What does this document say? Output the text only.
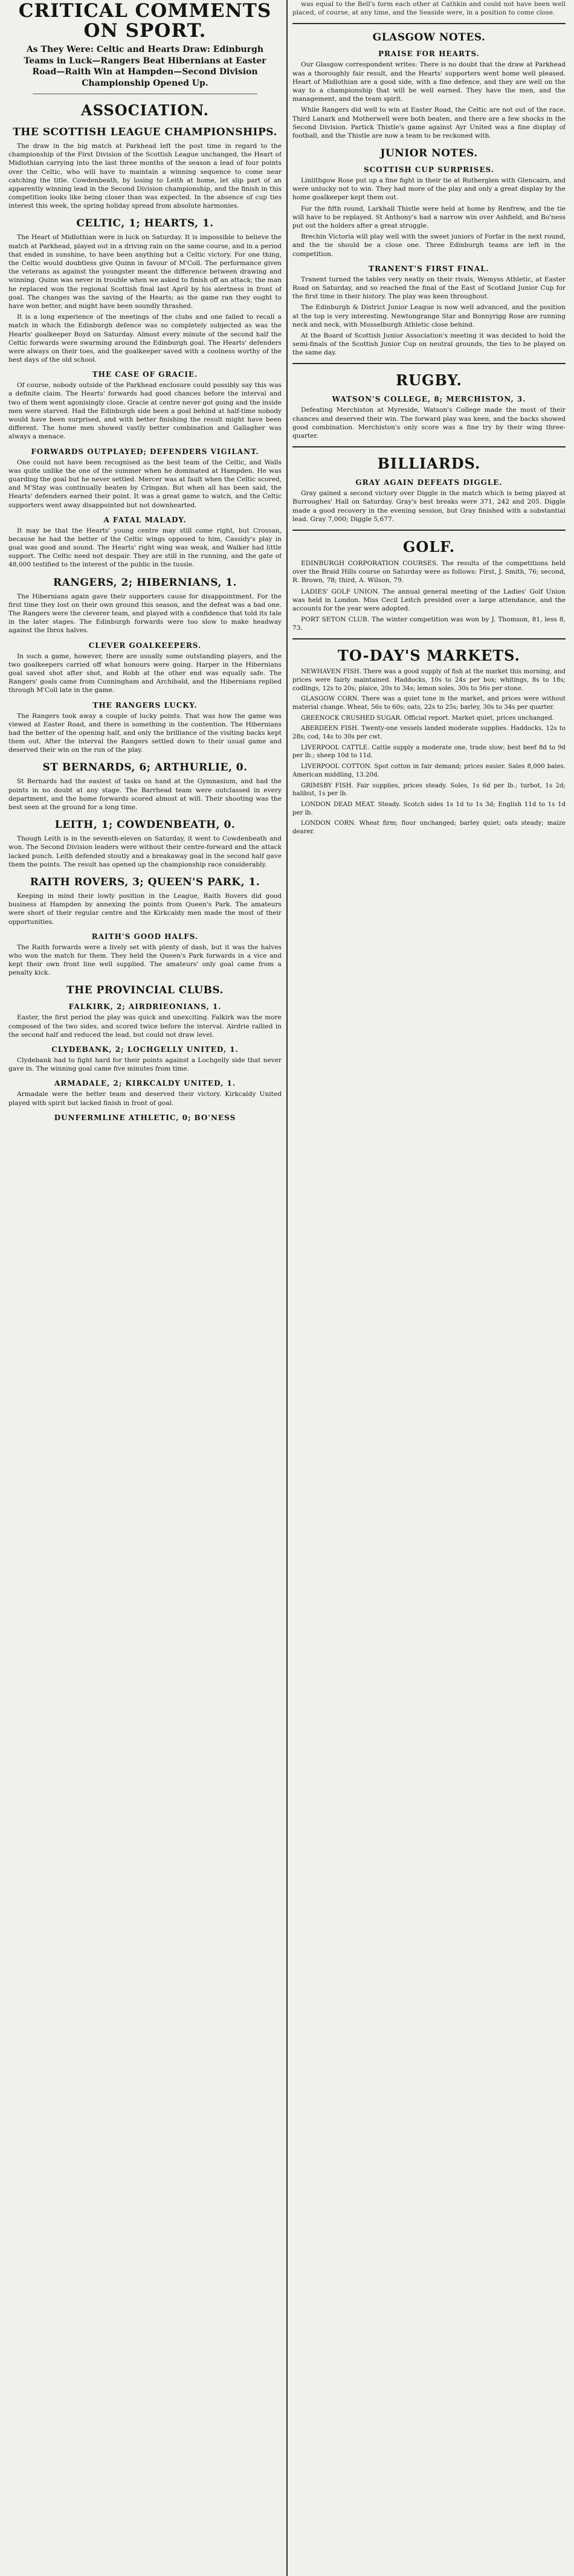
CRITICAL COMMENTS ON SPORT.
As They Were: Celtic and Hearts Draw: Edinburgh Teams in Luck—Rangers Beat Hibernians at Easter Road—Raith Win at Hampden—Second Division Championship Opened Up.
ASSOCIATION.
THE SCOTTISH LEAGUE CHAMPIONSHIPS.

The draw in the big match at Parkhead left the post time in regard to the championship of the First Division of the Scottish League unchanged, the Heart of Midlothian carrying into the last three months of the season a lead of four points over the Celtic, who will have to maintain a winning sequence to come near catching the title. Cowdenbeath, by losing to Leith at home, let slip part of an apparently winning lead in the Second Division championship, and the finish in this competition looks like being closer than was expected. In the absence of cup ties interest this week, the spring holiday spread from absolute harmonies.

CELTIC, 1; HEARTS, 1.

The Heart of Midlothian were in luck on Saturday. It is impossible to believe the match at Parkhead, played out in a driving rain on the same course, and in a period that ended in sunshine, to have been anything but a Celtic victory. For one thing, the Celtic would doubtless give Quinn in favour of M'Coll. The performance given the veterans as against the youngster meant the difference between drawing and winning. Quinn was never in trouble when we asked to finish off an attack; the man he replaced won the regional Scottish final last April by his alertness in front of goal. The changes was the saving of the Hearts; as the game ran they ought to have won better, and might have been soundly thrashed.

It is a long experience of the meetings of the clubs and one failed to recall a match in which the Edinburgh defence was so completely subjected as was the Hearts' goalkeeper Boyd on Saturday. Almost every minute of the second half the Celtic forwards were swarming around the Edinburgh goal. The Hearts' defenders were always on their toes, and the goalkeeper saved with a coolness worthy of the best days of the old school.

THE CASE OF GRACIE.

Of course, nobody outside of the Parkhead enclosure could possibly say this was a definite claim. The Hearts' forwards had good chances before the interval and two of them went agonisingly close. Gracie at centre never got going and the inside men were starved. Had the Edinburgh side been a goal behind at half-time nobody would have been surprised, and with better finishing the result might have been different. The home men showed vastly better combination and Gallagher was always a menace.

FORWARDS OUTPLAYED; DEFENDERS VIGILANT.

One could not have been recognised as the best team of the Celtic, and Walls was quite unlike the one of the summer when he dominated at Hampden. He was guarding the goal but he never settled. Mercer was at fault when the Celtic scored, and M'Stay was continually beaten by Cringan. But when all has been said, the Hearts' defenders earned their point. It was a great game to watch, and the Celtic supporters went away disappointed but not downhearted.

A FATAL MALADY.

It may be that the Hearts' young centre may still come right, but Crossan, because he had the better of the Celtic wings opposed to him, Cassidy's play in goal was good and sound. The Hearts' right wing was weak, and Walker had little support. The Celtic need not despair. They are still in the running, and the gate of 48,000 testified to the interest of the public in the tussle.

RANGERS, 2; HIBERNIANS, 1.

The Hibernians again gave their supporters cause for disappointment. For the first time they lost on their own ground this season, and the defeat was a bad one. The Rangers were the cleverer team, and played with a confidence that told its tale in the later stages. The Edinburgh forwards were too slow to make headway against the Ibrox halves.

CLEVER GOALKEEPERS.

In such a game, however, there are usually some outstanding players, and the two goalkeepers carried off what honours were going. Harper in the Hibernians goal saved shot after shot, and Robb at the other end was equally safe. The Rangers' goals came from Cunningham and Archibald, and the Hibernians replied through M'Coll late in the game.

THE RANGERS LUCKY.

The Rangers took away a couple of lucky points. That was how the game was viewed at Easter Road, and there is something in the contention. The Hibernians had the better of the opening half, and only the brilliance of the visiting backs kept them out. After the interval the Rangers settled down to their usual game and deserved their win on the run of the play.

ST BERNARDS, 6; ARTHURLIE, 0.

St Bernards had the easiest of tasks on hand at the Gymnasium, and had the points in no doubt at any stage. The Barrhead team were outclassed in every department, and the home forwards scored almost at will. Their shooting was the best seen at the ground for a long time.

LEITH, 1; COWDENBEATH, 0.

Though Leith is in the seventh-eleven on Saturday, it went to Cowdenbeath and won. The Second Division leaders were without their centre-forward and the attack lacked punch. Leith defended stoutly and a breakaway goal in the second half gave them the points. The result has opened up the championship race considerably.

RAITH ROVERS, 3; QUEEN'S PARK, 1.

Keeping in mind their lowly position in the League, Raith Rovers did good business at Hampden by annexing the points from Queen's Park. The amateurs were short of their regular centre and the Kirkcaldy men made the most of their opportunities.

RAITH'S GOOD HALFS.

The Raith forwards were a lively set with plenty of dash, but it was the halves who won the match for them. They held the Queen's Park forwards in a vice and kept their own front line well supplied. The amateurs' only goal came from a penalty kick.

THE PROVINCIAL CLUBS.
FALKIRK, 2; AIRDRIEONIANS, 1.

Easter, the first period the play was quick and unexciting. Falkirk was the more composed of the two sides, and scored twice before the interval. Airdrie rallied in the second half and reduced the lead, but could not draw level.

CLYDEBANK, 2; LOCHGELLY UNITED, 1.

Clydebank had to fight hard for their points against a Lochgelly side that never gave in. The winning goal came five minutes from time.

ARMADALE, 2; KIRKCALDY UNITED, 1.

Armadale were the better team and deserved their victory. Kirkcaldy United played with spirit but lacked finish in front of goal.

DUNFERMLINE ATHLETIC, 0; BO'NESS

was equal to the Bell's form each other at Cathkin and could not have been well placed, of course, at any time, and the Seaside were, in a position to come close.

GLASGOW NOTES.
PRAISE FOR HEARTS.

Our Glasgow correspondent writes: There is no doubt that the draw at Parkhead was a thoroughly fair result, and the Hearts' supporters went home well pleased. Heart of Midlothian are a good side, with a fine defence, and they are well on the way to a championship that will be well earned. They have the men, and the management, and the team spirit.

While Rangers did well to win at Easter Road, the Celtic are not out of the race. Third Lanark and Motherwell were both beaten, and there are a few shocks in the Second Division. Partick Thistle's game against Ayr United was a fine display of football, and the Thistle are now a team to be reckoned with.

JUNIOR NOTES.
SCOTTISH CUP SURPRISES.

Linlithgow Rose put up a fine fight in their tie at Rutherglen with Glencairn, and were unlucky not to win. They had more of the play and only a great display by the home goalkeeper kept them out.

For the fifth round, Larkhall Thistle were held at home by Renfrew, and the tie will have to be replayed. St Anthony's had a narrow win over Ashfield, and Bo'ness put out the holders after a great struggle.

Brechin Victoria will play well with the sweet juniors of Forfar in the next round, and the tie should be a close one. Three Edinburgh teams are left in the competition.

TRANENT'S FIRST FINAL.

Tranent turned the tables very neatly on their rivals, Wemyss Athletic, at Easter Road on Saturday, and so reached the final of the East of Scotland Junior Cup for the first time in their history. The play was keen throughout.

The Edinburgh & District Junior League is now well advanced, and the position at the top is very interesting. Newtongrange Star and Bonnyrigg Rose are running neck and neck, with Musselburgh Athletic close behind.

At the Board of Scottish Junior Association's meeting it was decided to hold the semi-finals of the Scottish Junior Cup on neutral grounds, the ties to be played on the same day.

RUGBY.
WATSON'S COLLEGE, 8; MERCHISTON, 3.

Defeating Merchiston at Myreside, Watson's College made the most of their chances and deserved their win. The forward play was keen, and the backs showed good combination. Merchiston's only score was a fine try by their wing three-quarter.

BILLIARDS.
GRAY AGAIN DEFEATS DIGGLE.

Gray gained a second victory over Diggle in the match which is being played at Burroughes' Hall on Saturday. Gray's best breaks were 371, 242 and 205. Diggle made a good recovery in the evening session, but Gray finished with a substantial lead. Gray 7,000; Diggle 5,677.

GOLF.

EDINBURGH CORPORATION COURSES. The results of the competitions held over the Braid Hills course on Saturday were as follows: First, J. Smith, 76; second, R. Brown, 78; third, A. Wilson, 79.

LADIES' GOLF UNION. The annual general meeting of the Ladies' Golf Union was held in London. Miss Cecil Leitch presided over a large attendance, and the accounts for the year were adopted.

PORT SETON CLUB. The winter competition was won by J. Thomson, 81, less 8, 73.

TO-DAY'S MARKETS.

NEWHAVEN FISH. There was a good supply of fish at the market this morning, and prices were fairly maintained. Haddocks, 10s to 24s per box; whitings, 8s to 18s; codlings, 12s to 20s; plaice, 20s to 34s; lemon soles, 30s to 56s per stone.

GLASGOW CORN. There was a quiet tone in the market, and prices were without material change. Wheat, 56s to 60s; oats, 22s to 25s; barley, 30s to 34s per quarter.

GREENOCK CRUSHED SUGAR. Official report. Market quiet, prices unchanged.

ABERDEEN FISH. Twenty-one vessels landed moderate supplies. Haddocks, 12s to 28s; cod, 14s to 30s per cwt.

LIVERPOOL CATTLE. Cattle supply a moderate one, trade slow; best beef 8d to 9d per lb.; sheep 10d to 11d.

LIVERPOOL COTTON. Spot cotton in fair demand; prices easier. Sales 8,000 bales. American middling, 13.20d.

GRIMSBY FISH. Fair supplies, prices steady. Soles, 1s 6d per lb.; turbot, 1s 2d; halibut, 1s per lb.

LONDON DEAD MEAT. Steady. Scotch sides 1s 1d to 1s 3d; English 11d to 1s 1d per lb.

LONDON CORN. Wheat firm; flour unchanged; barley quiet; oats steady; maize dearer.
